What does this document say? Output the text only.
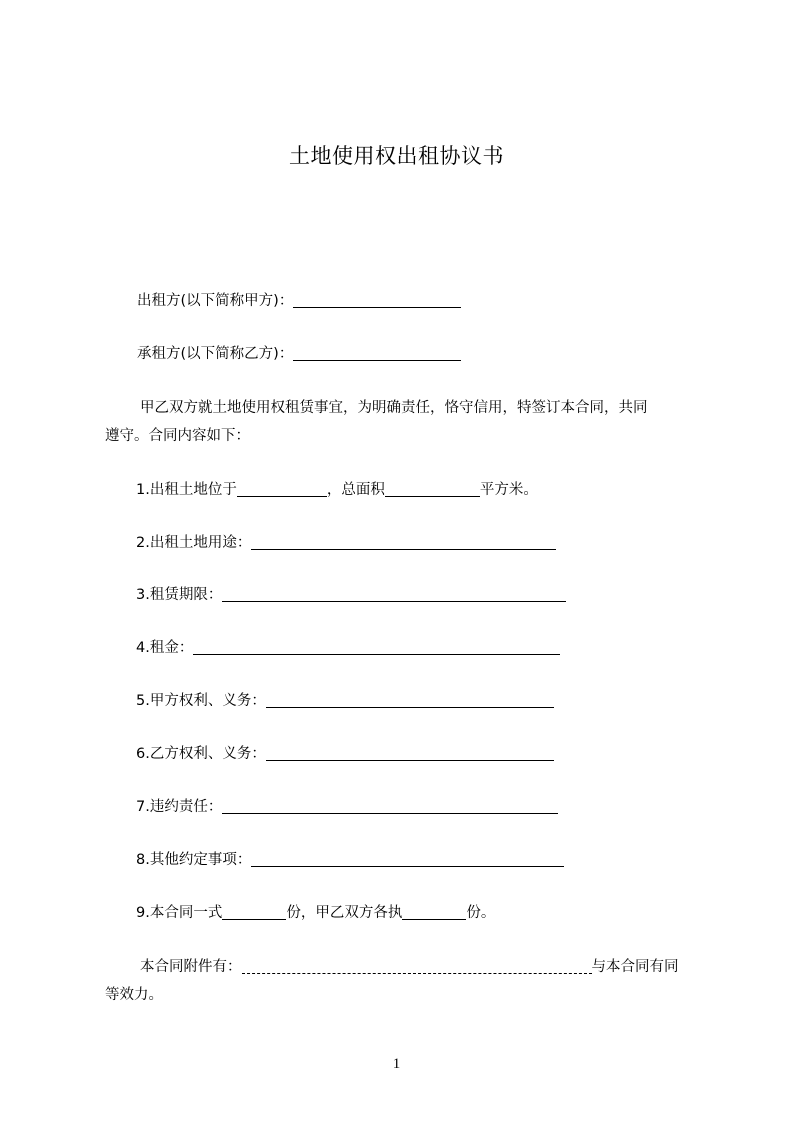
土地使用权出租协议书
出租方(以下简称甲方)：
承租方(以下简称乙方)：
甲乙双方就土地使用权租赁事宜，为明确责任，恪守信用，特签订本合同，共同
遵守。合同内容如下：
1.出租土地位于	，总面积	平方米。
2.出租土地用途：
3.租赁期限：
4.租金：
5.甲方权利、义务：
6.乙方权利、义务：
7.违约责任：
8.其他约定事项：
9.本合同一式	份，甲乙双方各执	份。
本合同附件有：	与本合同有同
等效力。
1
